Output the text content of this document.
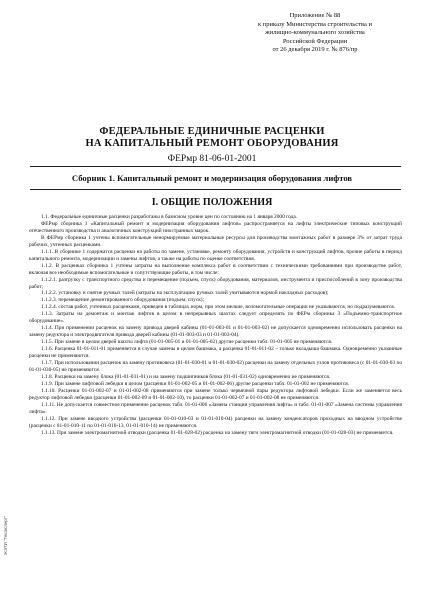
Приложение № 88
к приказу Министерства строительства и
жилищно-коммунального хозяйства
Российской Федерации
от 26 декабря 2019 г. № 876/пр
ФЕДЕРАЛЬНЫЕ ЕДИНИЧНЫЕ РАСЦЕНКИ
НА КАПИТАЛЬНЫЙ РЕМОНТ ОБОРУДОВАНИЯ
ФЕРмр 81-06-01-2001
Сборник 1. Капитальный ремонт и модернизация оборудования лифтов
I. ОБЩИЕ ПОЛОЖЕНИЯ

1.1. Федеральные единичные расценки разработаны в базисном уровне цен по состоянию на 1 января 2000 года.

ФЕРмр сборника 1 «Капитальный ремонт и модернизация оборудования лифтов» распространяется на лифты электрические типовых конструкций отечественного производства и аналогичных конструкций иностранных марок.

В ФЕРмр сборника 1 учтены вспомогательные ненормируемые материальные ресурсы для производства монтажных работ в размере 3% от затрат труда рабочих, учтенных расценками.

1.1.1. В сборнике 1 содержатся расценки на работы по замене, установке, ремонту оборудования, устройств и конструкций лифтов, прочие работы в период капитального ремонта, модернизации и замены лифтов, а также на работы по оценке соответствия.

1.1.2. В расценках сборника 1 учтены затраты на выполнение комплекса работ в соответствии с техническими требованиями при производстве работ, включая все необходимые вспомогательные и сопутствующие работы, в том числе:

1.1.2.1. разгрузку с транспортного средства и перемещение (подъем, спуск) оборудования, материалов, инструмента и приспособлений в зону производства работ;

1.1.2.2. установку и снятие ручных талей (затраты на эксплуатацию ручных талей учитываются нормой накладных расходов);

1.1.2.3. перемещение демонтированного оборудования (подъем, спуск);

1.1.2.4. состав работ, учтенных расценками, приведен в таблицах норм, при этом мелкие, вспомогательные операции не указываются, но подразумеваются.

1.1.3. Затраты на демонтаж и монтаж лифтов в целом в непрерывных шахтах следует определять по ФЕРм сборника 3 «Подъемно-транспортное оборудование».

1.1.4. При применении расценок на замену привода дверей кабины (01-01-003-01 и 01-01-003-02) не допускается одновременно использовать расценки на замену редуктора и электродвигателя привода дверей кабины (01-01-003-03 и 01-01-003-04).

1.1.5. При замене в целом дверей шахты лифта (01-01-005-01 и 01-01-005-02) другие расценки табл. 01-01-005 не применяются.

1.1.6. Расценка 01-01-011-01 применяется в случае замены в целом башмака, а расценка 01-01-011-02 – только вкладыша башмака. Одновременно указанные расценки не применяются.

1.1.7. При использовании расценок на замену противовеса (01-01-030-01 и 01-01-030-02) расценки на замену отдельных узлов противовеса (с 01-01-030-03 по 01-01-030-05) не применяются.

1.1.8. Расценки на замену блока (01-01-031-01) и на замену подшипников блока (01-01-031-02) одновременно не применяются.

1.1.9. При замене лифтовой лебедки в целом (расценки 01-01-002-05 и 01-01-002-06) другие расценки табл. 01-01-002 не применяются.

1.1.10. Расценки 01-01-002-07 и 01-01-002-08 применяются при замене только червячной пары редуктора лифтовой лебедки. Если же заменяется весь редуктор лифтовой лебедки (расценки 01-01-002-09 и 01-01-002-10), то расценки 01-01-002-07 и 01-01-002-08 не применяются.

1.1.11. Не допускается совместное применение расценок табл. 01-01-006 «Замена станции управления лифта» и табл. 01-01-007 «Замена системы управления лифта».

1.1.12. При замене вводного устройства (расценки 01-01-010-03 и 01-01-010-04) расценки на замену конденсаторов проходных на вводном устройстве (расценки с 01-01-010-11 по 01-01-010-13, 01-01-010-14) не применяются.

1.1.13. При замене электромагнитной отводки (расценка 01-01-028-02) расценка на замену тяги электромагнитной отводки (01-01-028-03) не применяется.

ЖЭТИ "Техэксперт"
